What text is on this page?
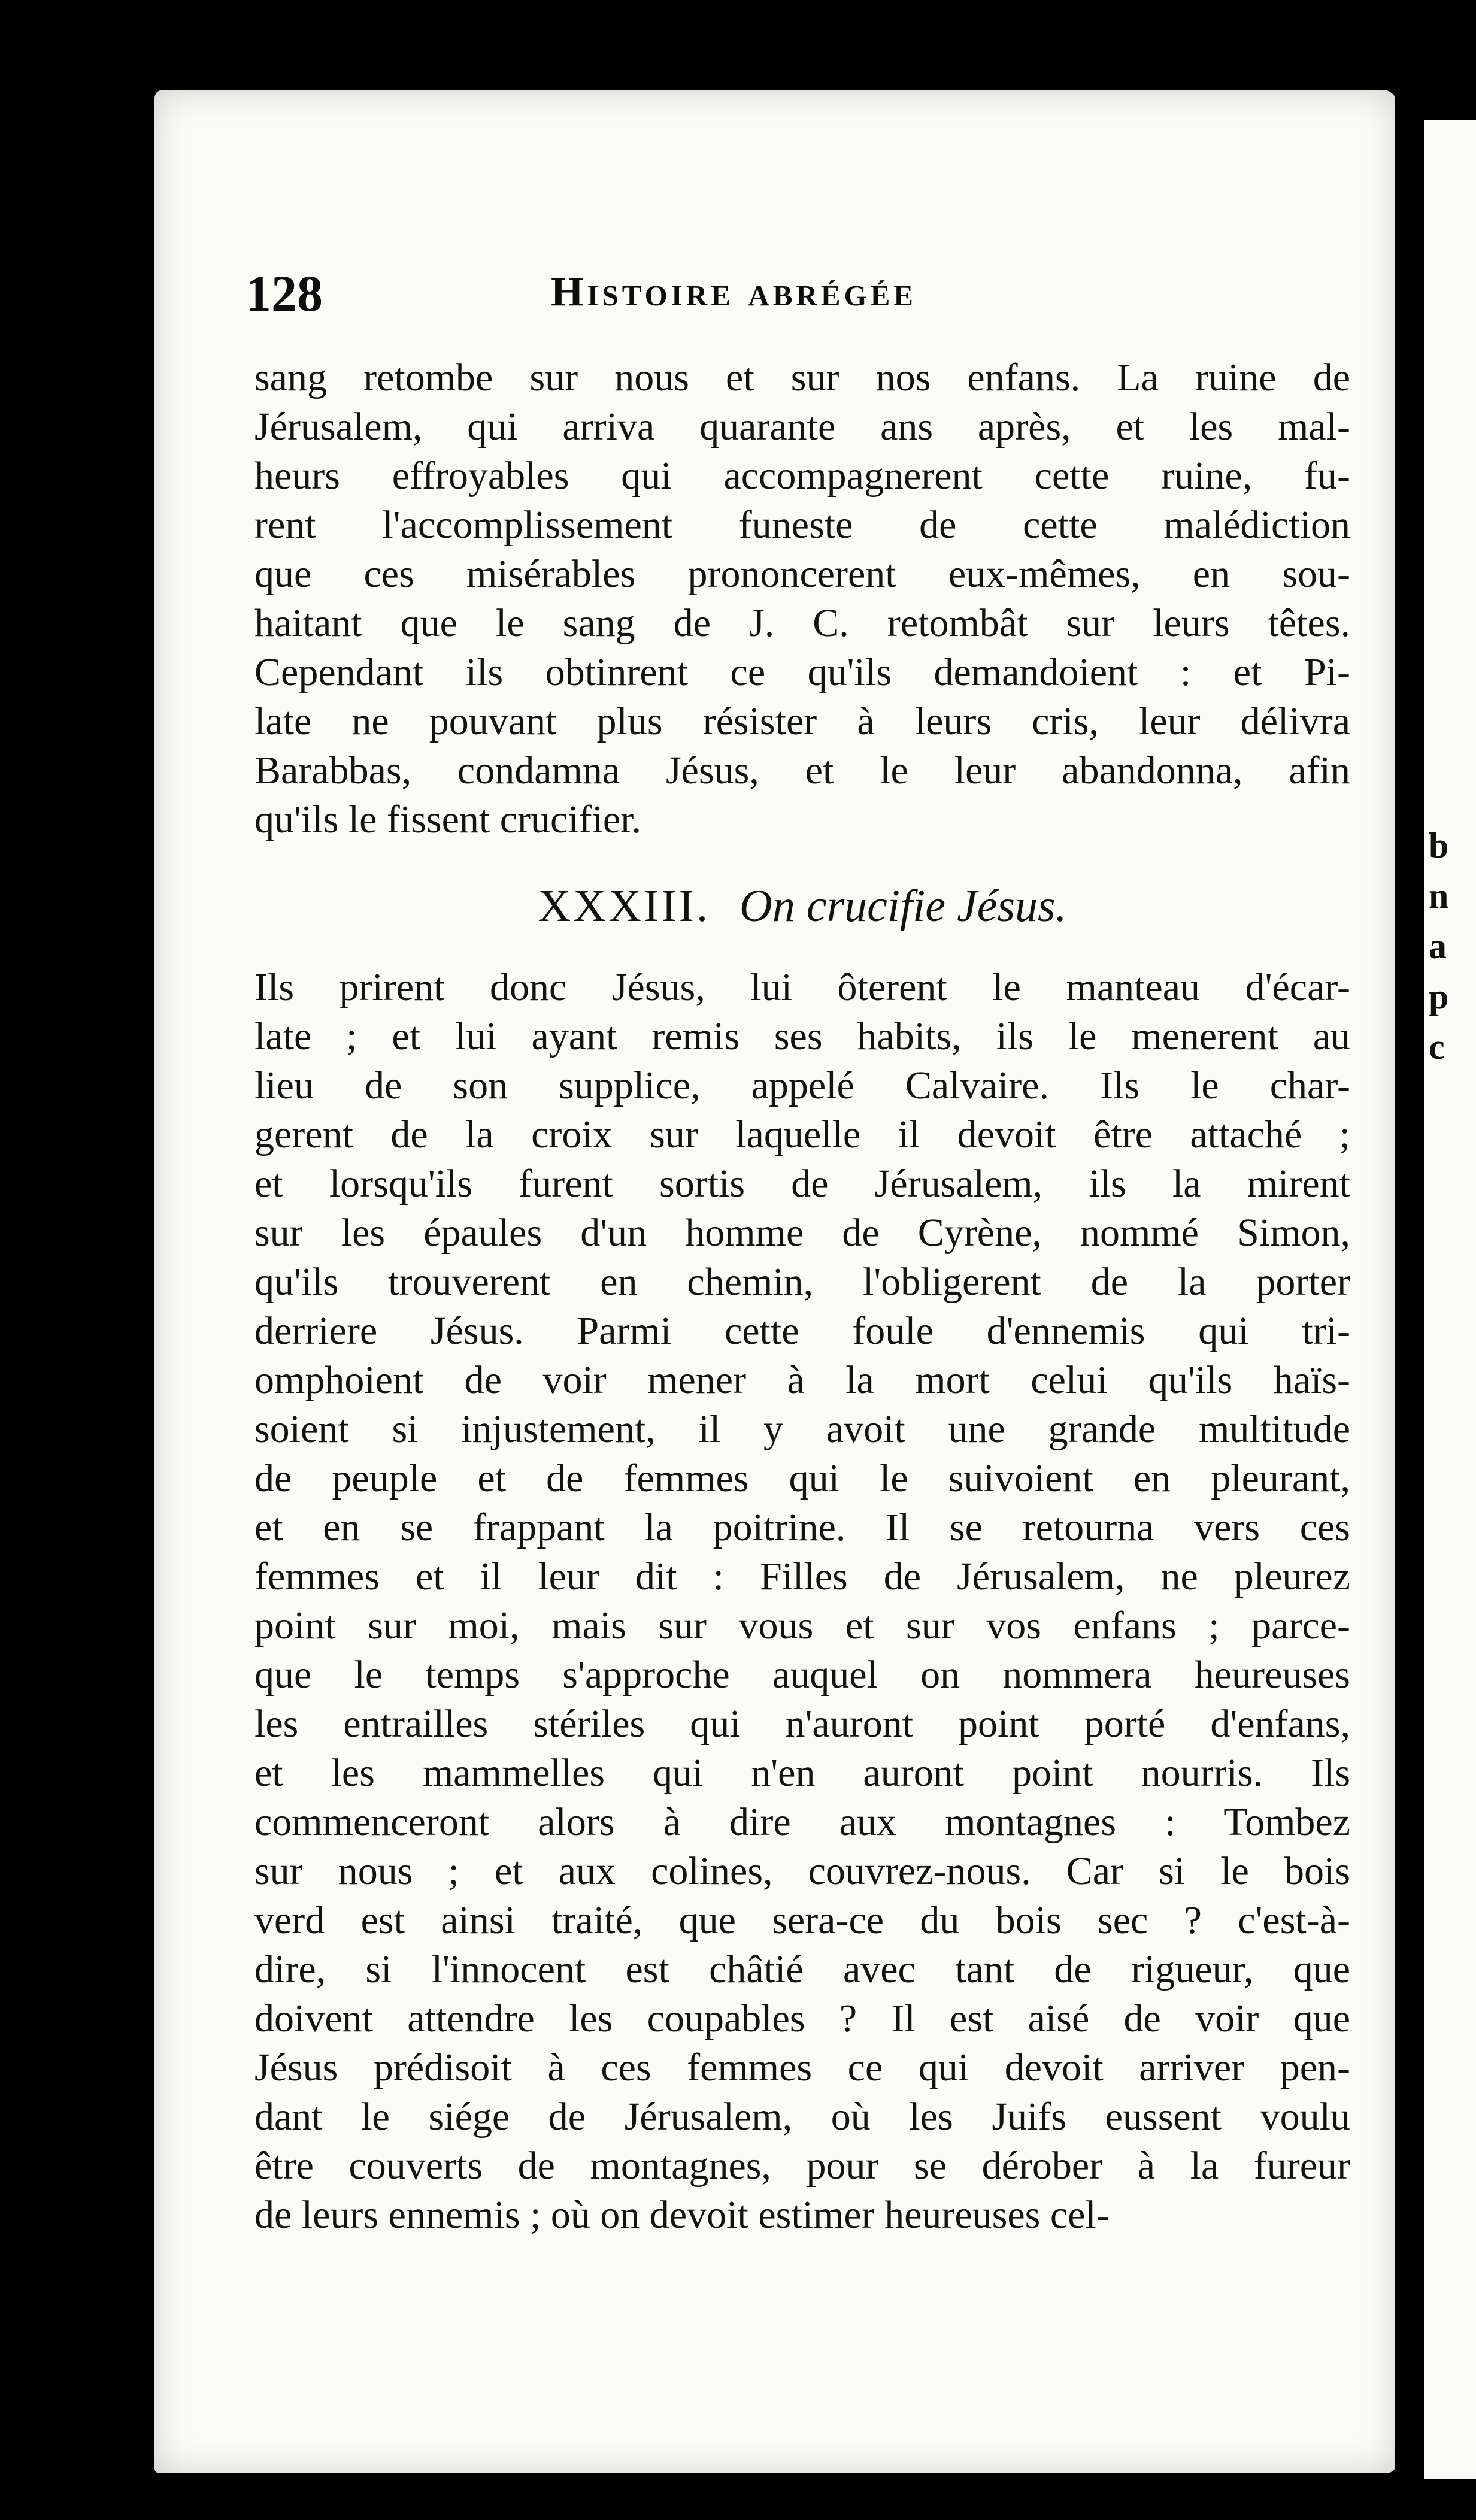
b
n
a
p
c
128	Histoire abrégée
sang retombe sur nous et sur nos enfans. La ruine de
Jérusalem, qui arriva quarante ans après, et les mal-
heurs effroyables qui accompagnerent cette ruine, fu-
rent l'accomplissement funeste de cette malédiction
que ces misérables prononcerent eux-mêmes, en sou-
haitant que le sang de J. C. retombât sur leurs têtes.
Cependant ils obtinrent ce qu'ils demandoient : et Pi-
late ne pouvant plus résister à leurs cris, leur délivra
Barabbas, condamna Jésus, et le leur abandonna, afin
qu'ils le fissent crucifier.
XXXIII. On crucifie Jésus.
Ils prirent donc Jésus, lui ôterent le manteau d'écar-
late ; et lui ayant remis ses habits, ils le menerent au
lieu de son supplice, appelé Calvaire. Ils le char-
gerent de la croix sur laquelle il devoit être attaché ;
et lorsqu'ils furent sortis de Jérusalem, ils la mirent
sur les épaules d'un homme de Cyrène, nommé Simon,
qu'ils trouverent en chemin, l'obligerent de la porter
derriere Jésus. Parmi cette foule d'ennemis qui tri-
omphoient de voir mener à la mort celui qu'ils haïs-
soient si injustement, il y avoit une grande multitude
de peuple et de femmes qui le suivoient en pleurant,
et en se frappant la poitrine. Il se retourna vers ces
femmes et il leur dit : Filles de Jérusalem, ne pleurez
point sur moi, mais sur vous et sur vos enfans ; parce-
que le temps s'approche auquel on nommera heureuses
les entrailles stériles qui n'auront point porté d'enfans,
et les mammelles qui n'en auront point nourris. Ils
commenceront alors à dire aux montagnes : Tombez
sur nous ; et aux colines, couvrez-nous. Car si le bois
verd est ainsi traité, que sera-ce du bois sec ? c'est-à-
dire, si l'innocent est châtié avec tant de rigueur, que
doivent attendre les coupables ? Il est aisé de voir que
Jésus prédisoit à ces femmes ce qui devoit arriver pen-
dant le siége de Jérusalem, où les Juifs eussent voulu
être couverts de montagnes, pour se dérober à la fureur
de leurs ennemis ; où on devoit estimer heureuses cel-
